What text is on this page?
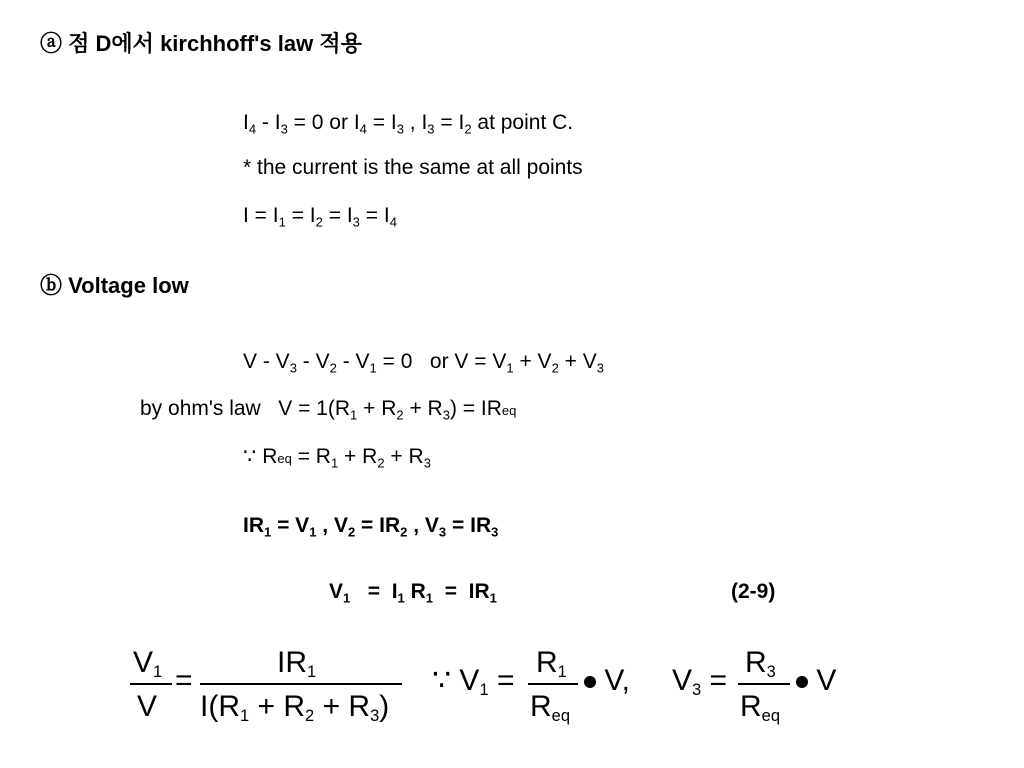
ⓐ 점 D에서 kirchhoff's law 적용
$I_4 - I_3 = 0$ or $I_4 = I_3$ , $I_3 = I_2$ at point C.
* the current is the same at all points
$I = I_1 = I_2 = I_3 = I_4$
ⓑ Voltage low
$V - V_3 - V_2 - V_1 = 0$   or $V = V_1 + V_2 + V_3$
by ohm's law   $V = 1(R_1 + R_2 + R_3)$ = IReq
∵ Req = $R_1 + R_2 + R_3$
$IR_1 = V_1$ , $V_2 = IR_2$ , $V_3 = IR_3$
$V_1 = I_1$ $R_1 = IR_1$	(2-9)
$V_1$
V
=
$IR_1$
$I(R_1 + R_2 + R_3)$
∵ $V_1$ =
$R_1$
$R_{eq}$
V, $V_3$ =
$R_3$
$R_{eq}$
V
